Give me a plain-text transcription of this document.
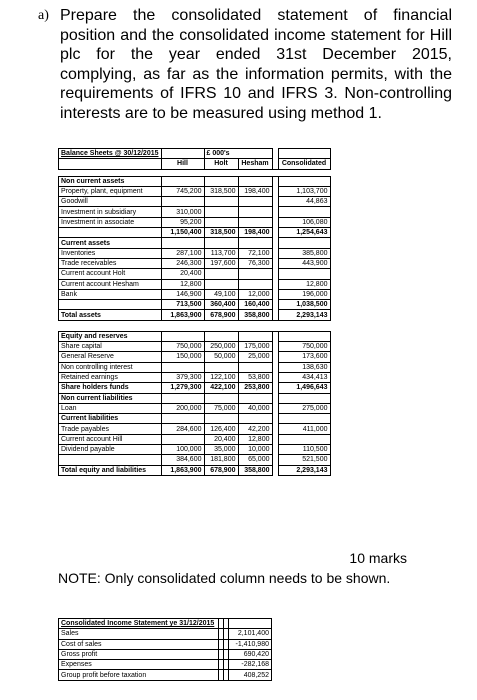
a) Prepare the consolidated statement of financial position and the consolidated income statement for Hill plc for the year ended 31st December 2015, complying, as far as the information permits, with the requirements of IFRS 10 and IFRS 3. Non-controlling interests are to be measured using method 1.
Balance Sheets @ 30/12/2015		£ 000's			
	Hill	Holt	Hesham		Consolidated

Non current assets					
Property, plant, equipment	745,200	318,500	198,400		1,103,700
Goodwill					44,863
Investment in subsidiary	310,000				
Investment in associate	95,200				106,080
	1,150,400	318,500	198,400		1,254,643
Current assets					
Inventories	287,100	113,700	72,100		385,800
Trade receivables	246,300	197,600	76,300		443,900
Current account Holt	20,400				
Current account Hesham	12,800				12,800
Bank	146,900	49,100	12,000		196,000
	713,500	360,400	160,400		1,038,500
Total assets	1,863,900	678,900	358,800		2,293,143

Equity and reserves					
Share capital	750,000	250,000	175,000		750,000
General Reserve	150,000	50,000	25,000		173,600
Non controlling interest					138,630
Retained earnings	379,300	122,100	53,800		434,413
Share holders funds	1,279,300	422,100	253,800		1,496,643
Non current liabilities					
Loan	200,000	75,000	40,000		275,000
Current liabilities					
Trade payables	284,600	126,400	42,200		411,000
Current account Hill		20,400	12,800		
Dividend payable	100,000	35,000	10,000		110,500
	384,600	181,800	65,000		521,500
Total equity and liabilities	1,863,900	678,900	358,800		2,293,143
10 marks
NOTE: Only consolidated column needs to be shown.
Consolidated Income Statement ye 31/12/2015			
Sales			2,101,400
Cost of sales			-1,410,980
Gross profit			690,420
Expenses			-282,168
Group profit before taxation			408,252
